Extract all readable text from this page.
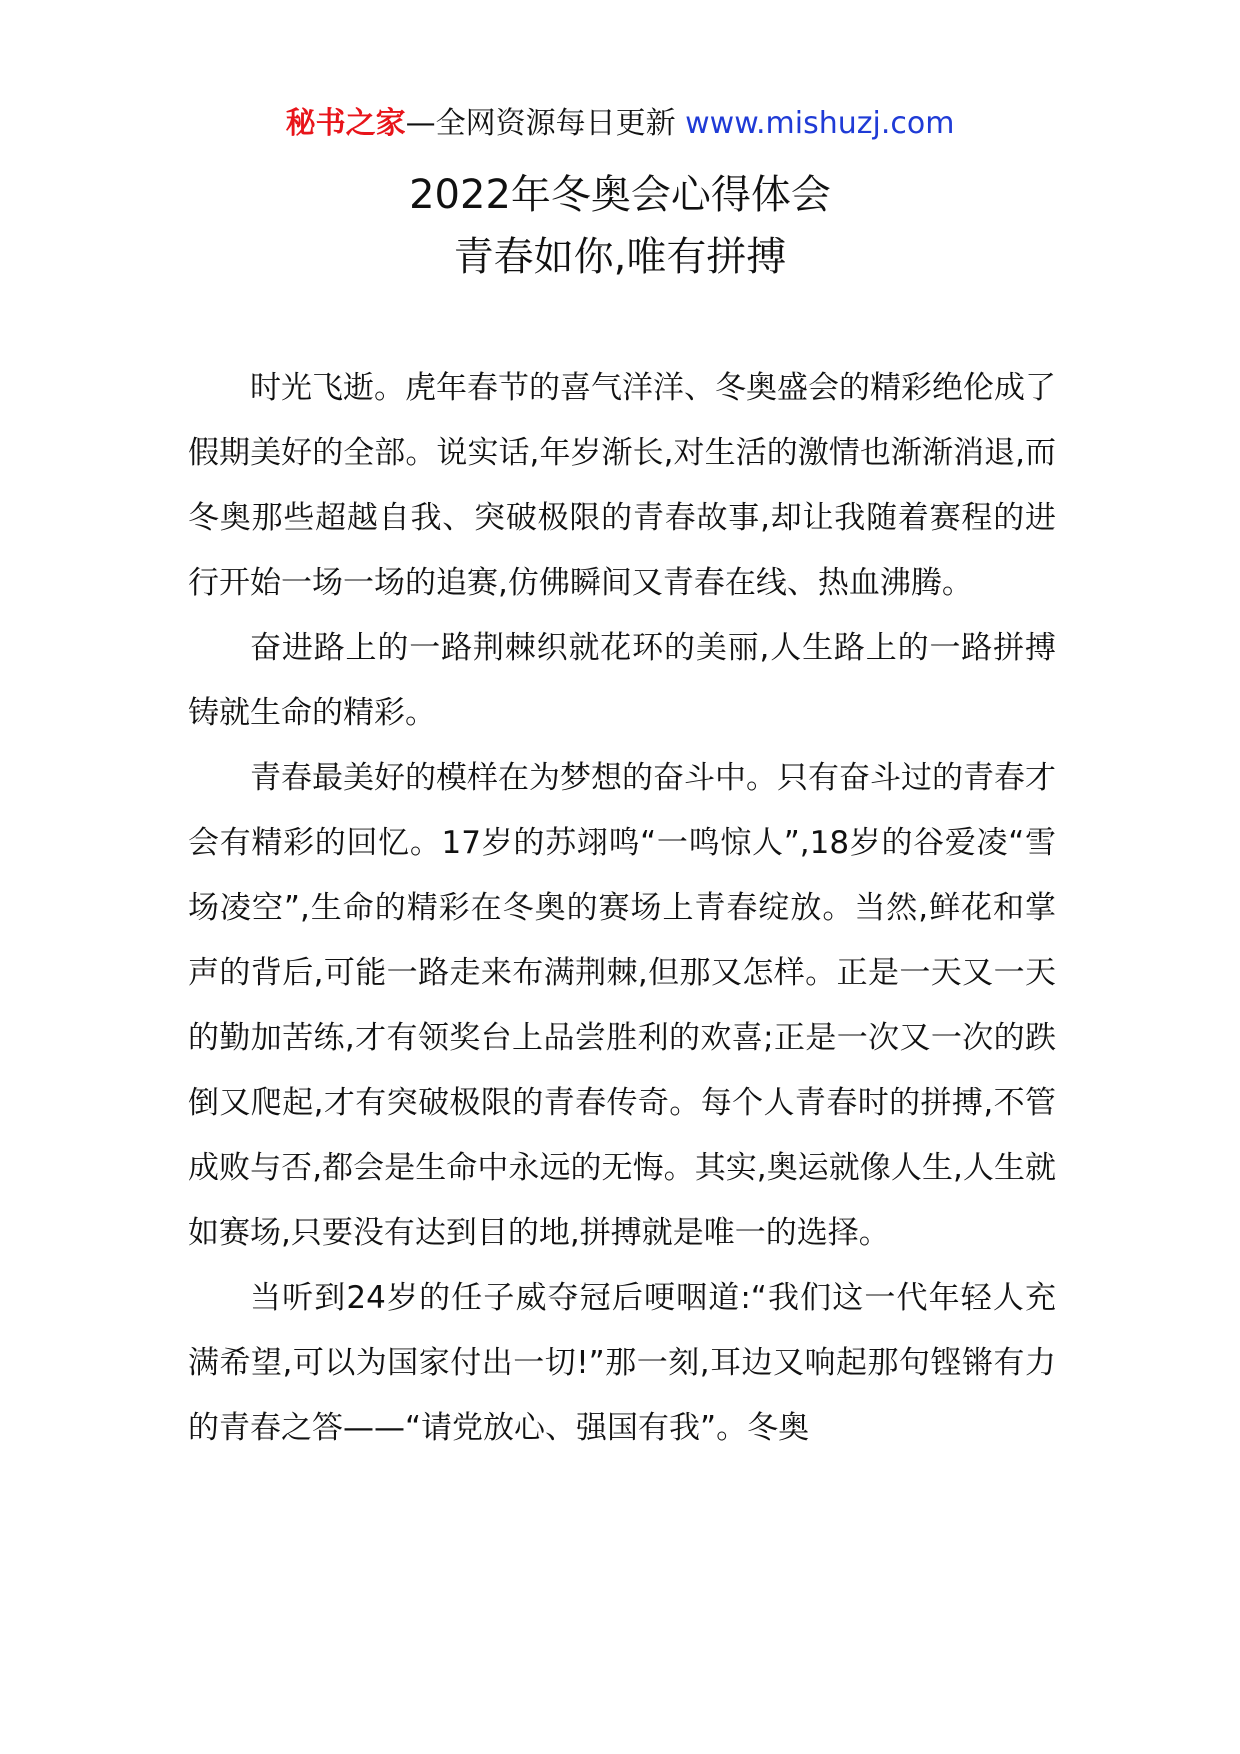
秘书之家—全网资源每日更新 www.mishuzj.com
2022年冬奥会心得体会
青春如你,唯有拼搏

时光飞逝。虎年春节的喜气洋洋、冬奥盛会的精彩绝伦成了假期美好的全部。说实话,年岁渐长,对生活的激情也渐渐消退,而冬奥那些超越自我、突破极限的青春故事,却让我随着赛程的进行开始一场一场的追赛,仿佛瞬间又青春在线、热血沸腾。

奋进路上的一路荆棘织就花环的美丽,人生路上的一路拼搏铸就生命的精彩。

青春最美好的模样在为梦想的奋斗中。只有奋斗过的青春才会有精彩的回忆。17岁的苏翊鸣“一鸣惊人”,18岁的谷爱凌“雪场凌空”,生命的精彩在冬奥的赛场上青春绽放。当然,鲜花和掌声的背后,可能一路走来布满荆棘,但那又怎样。正是一天又一天的勤加苦练,才有领奖台上品尝胜利的欢喜;正是一次又一次的跌倒又爬起,才有突破极限的青春传奇。每个人青春时的拼搏,不管成败与否,都会是生命中永远的无悔。其实,奥运就像人生,人生就如赛场,只要没有达到目的地,拼搏就是唯一的选择。

当听到24岁的任子威夺冠后哽咽道:“我们这一代年轻人充满希望,可以为国家付出一切!”那一刻,耳边又响起那句铿锵有力的青春之答——“请党放心、强国有我”。冬奥
